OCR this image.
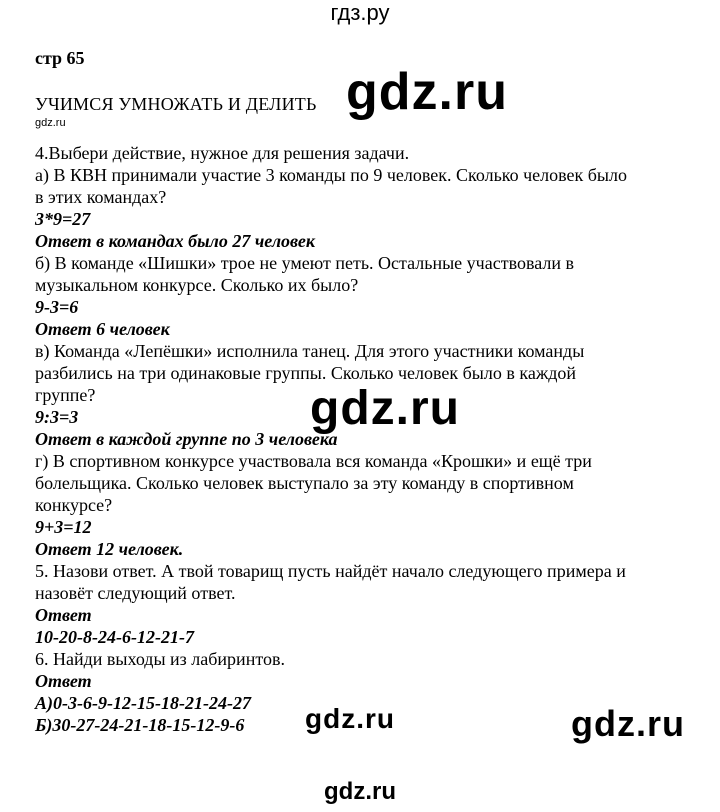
гдз.ру
стр 65
УЧИМСЯ УМНОЖАТЬ И ДЕЛИТЬ gdz.ru
gdz.ru
4.Выбери действие, нужное для решения задачи.
а) В КВН принимали участие 3 команды по 9 человек. Сколько человек было
в этих командах?
3*9=27
Ответ в командах было 27 человек
б) В команде «Шишки» трое не умеют петь. Остальные участвовали в
музыкальном конкурсе. Сколько их было?
9-3=6
Ответ 6 человек
в) Команда «Лепёшки» исполнила танец. Для этого участники команды
разбились на три одинаковые группы. Сколько человек было в каждой
группе?	gdz.ru
9:3=3
Ответ в каждой группе по 3 человека
г) В спортивном конкурсе участвовала вся команда «Крошки» и ещё три
болельщика. Сколько человек выступало за эту команду в спортивном
конкурсе?
9+3=12
Ответ 12 человек.
5. Назови ответ. А твой товарищ пусть найдёт начало следующего примера и
назовёт следующий ответ.
Ответ
10-20-8-24-6-12-21-7
6. Найди выходы из лабиринтов.
Ответ
А)0-3-6-9-12-15-18-21-24-27
Б)30-27-24-21-18-15-12-9-6 gdz.ru	gdz.ru
gdz.ru
